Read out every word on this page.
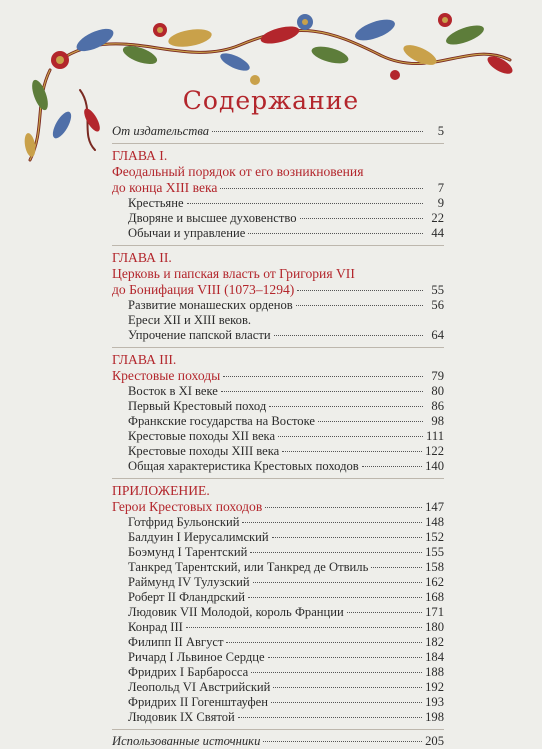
Содержание
От издательства	5
ГЛАВА I.
Феодальный порядок от его возникновения
до конца XIII века	7
Крестьяне	9
Дворяне и высшее духовенство	22
Обычаи и управление	44
ГЛАВА II.
Церковь и папская власть от Григория VII
до Бонифация VIII (1073–1294)	55
Развитие монашеских орденов	56
Ереси XII и XIII веков.
Упрочение папской власти	64
ГЛАВА III.
Крестовые походы	79
Восток в XI веке	80
Первый Крестовый поход	86
Франкские государства на Востоке	98
Крестовые походы XII века	111
Крестовые походы XIII века	122
Общая характеристика Крестовых походов	140
ПРИЛОЖЕНИЕ.
Герои Крестовых походов	147
Готфрид Бульонский	148
Балдуин I Иерусалимский	152
Боэмунд I Тарентский	155
Танкред Тарентский, или Танкред де Отвиль	158
Раймунд IV Тулузский	162
Роберт II Фландрский	168
Людовик VII Молодой, король Франции	171
Конрад III	180
Филипп II Август	182
Ричард I Львиное Сердце	184
Фридрих I Барбаросса	188
Леопольд VI Австрийский	192
Фридрих II Гогенштауфен	193
Людовик IX Святой	198
Использованные источники	205
